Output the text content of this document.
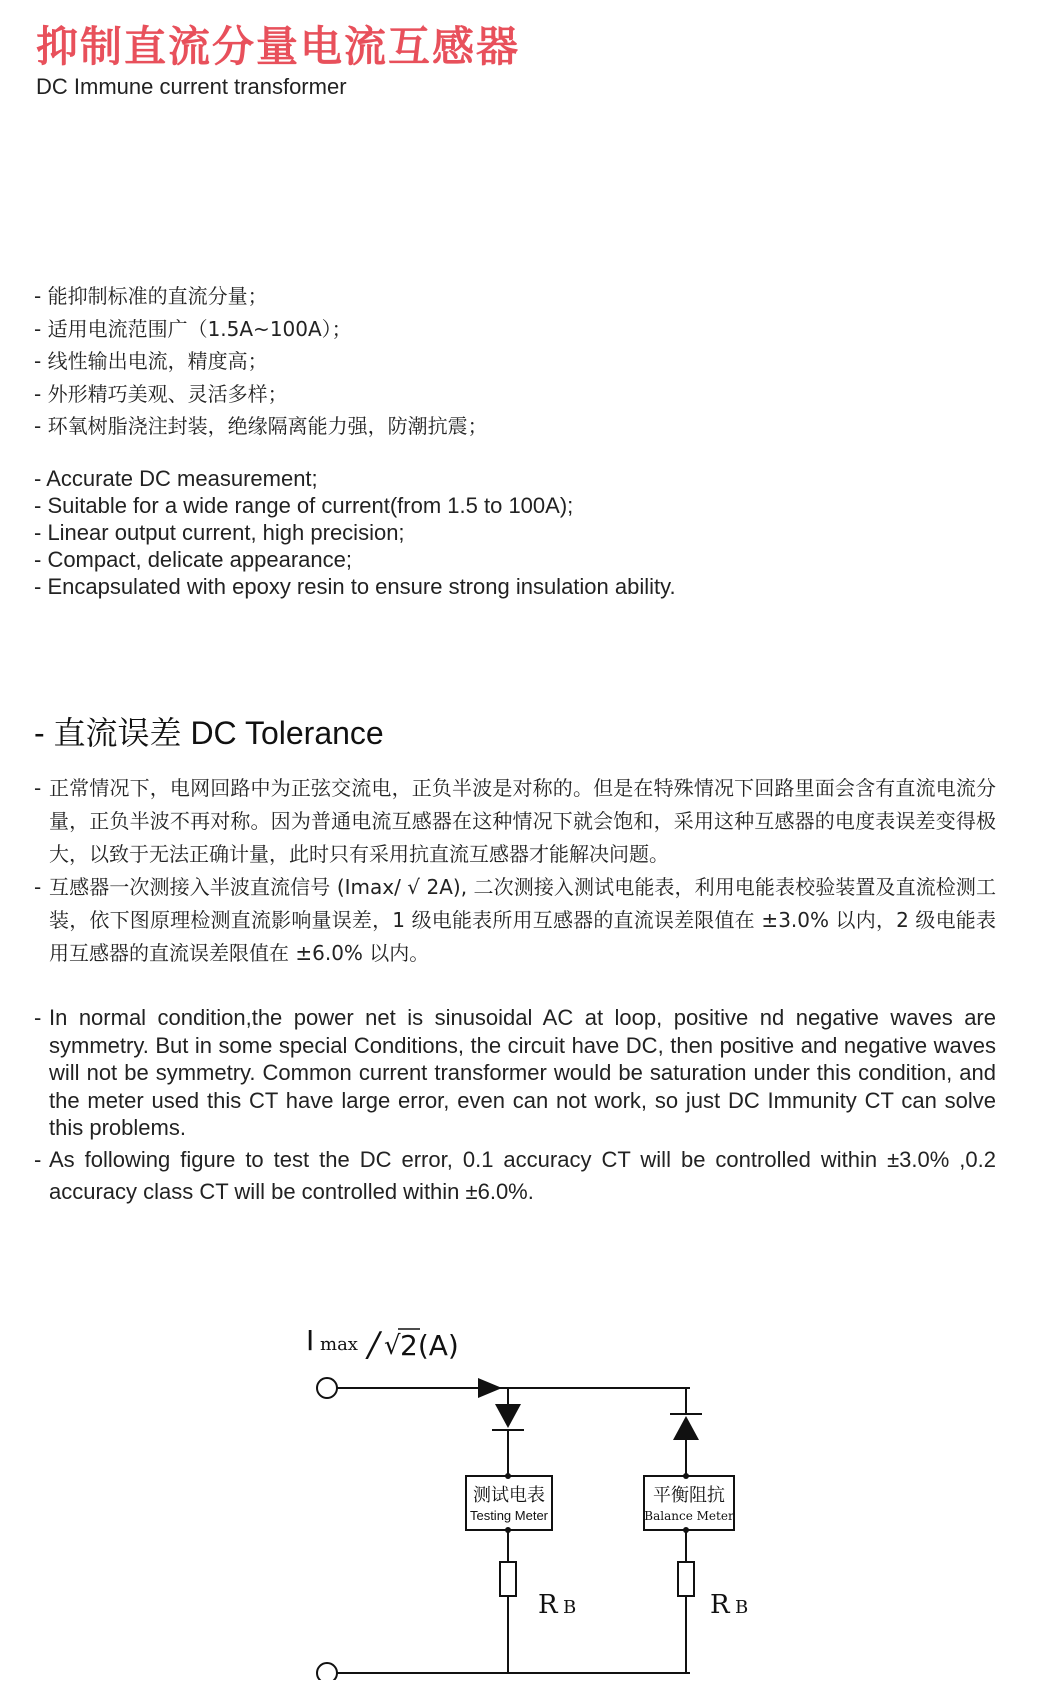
抑制直流分量电流互感器
DC Immune current transformer
- 能抑制标准的直流分量；
- 适用电流范围广（1.5A~100A）；
- 线性输出电流，精度高；
- 外形精巧美观、灵活多样；
- 环氧树脂浇注封装，绝缘隔离能力强，防潮抗震；
- Accurate DC measurement;
- Suitable for a wide range of current(from 1.5 to 100A);
- Linear output current, high precision;
- Compact, delicate appearance;
- Encapsulated with epoxy resin to ensure strong insulation ability.
- 直流误差 DC Tolerance
- 正常情况下，电网回路中为正弦交流电，正负半波是对称的。但是在特殊情况下回路里面会含有直流电流分量，正负半波不再对称。因为普通电流互感器在这种情况下就会饱和，采用这种互感器的电度表误差变得极大，以致于无法正确计量，此时只有采用抗直流互感器才能解决问题。
- 互感器一次测接入半波直流信号 (Imax/ √ 2A), 二次测接入测试电能表，利用电能表校验装置及直流检测工装，依下图原理检测直流影响量误差，1 级电能表所用互感器的直流误差限值在 ±3.0% 以内，2 级电能表用互感器的直流误差限值在 ±6.0% 以内。
- In normal condition,the power net is sinusoidal AC at loop, positive nd negative waves are symmetry. But in some special Conditions, the circuit have DC, then positive and negative waves will not be symmetry. Common current transformer would be saturation under this condition, and the meter used this CT have large error, even can not work, so just DC Immunity CT can solve this problems.
- As following figure to test the DC error, 0.1 accuracy CT will be controlled within ±3.0% ,0.2 accuracy class CT will be controlled within ±6.0%.
I max / √ 2(A)
测试电表
Testing Meter
平衡阻抗
Balance Meter
R B	R B
